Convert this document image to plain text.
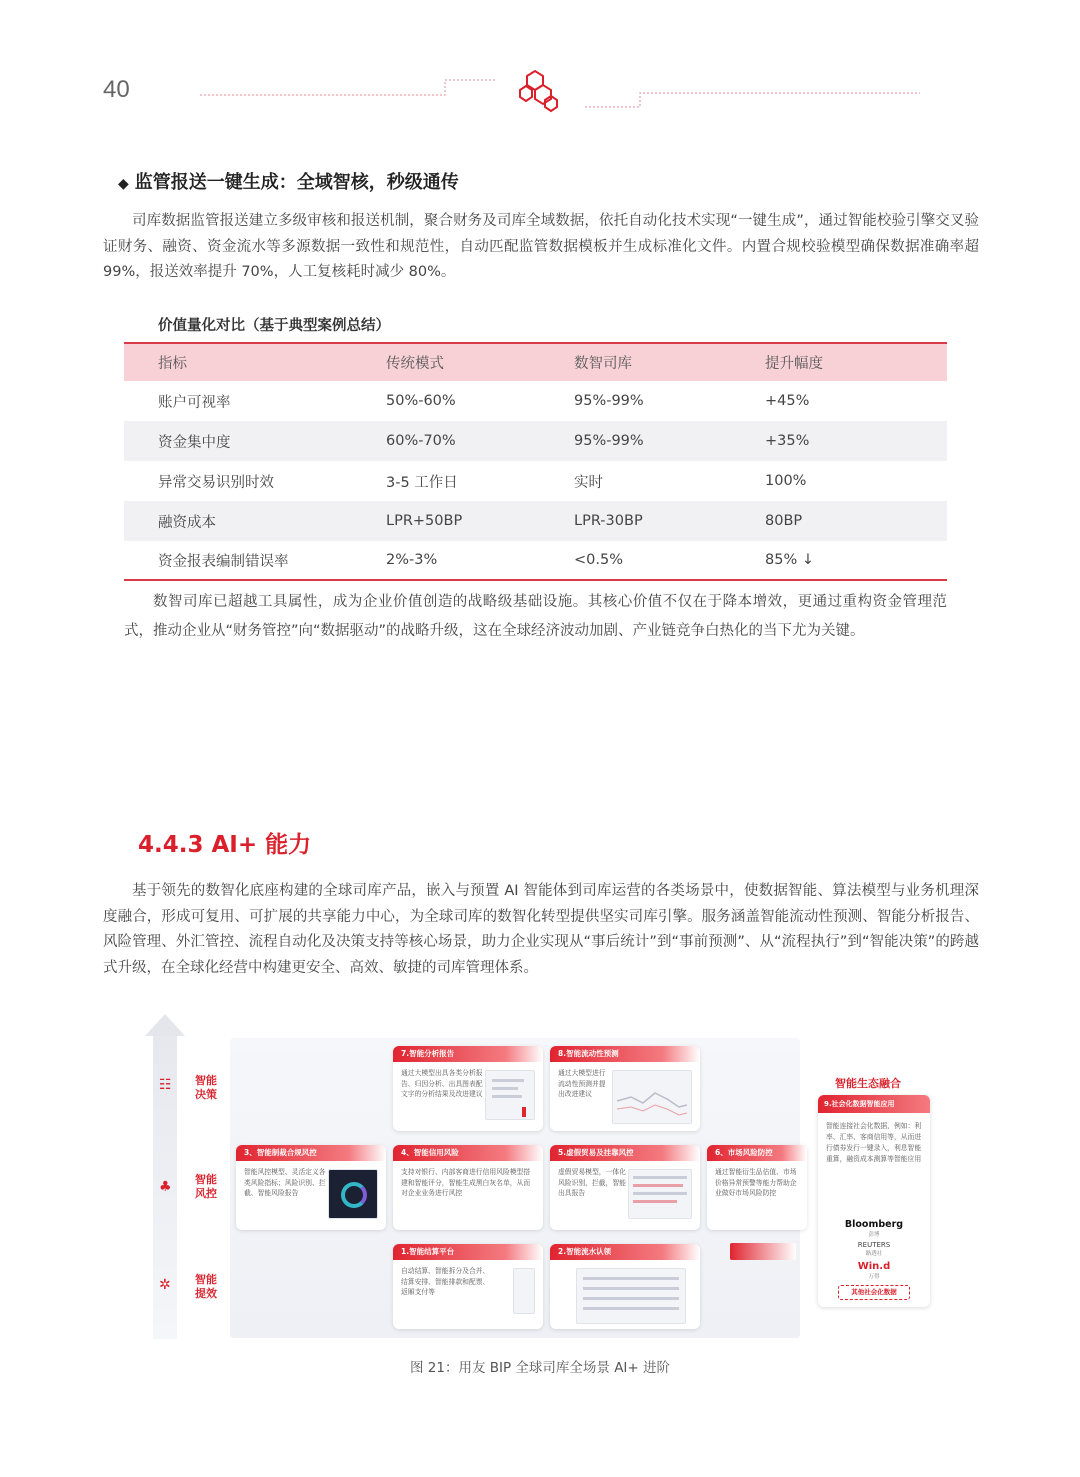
40
◆ 监管报送一键生成：全域智核，秒级通传

司库数据监管报送建立多级审核和报送机制，聚合财务及司库全域数据，依托自动化技术实现“一键生成”，通过智能校验引擎交叉验证财务、融资、资金流水等多源数据一致性和规范性，自动匹配监管数据模板并生成标准化文件。内置合规校验模型确保数据准确率超 99%，报送效率提升 70%，人工复核耗时减少 80%。

价值量化对比（基于典型案例总结）
指标	传统模式	数智司库	提升幅度
账户可视率	50%-60%	95%-99%	+45%
资金集中度	60%-70%	95%-99%	+35%
异常交易识别时效	3-5 工作日	实时	100%
融资成本	LPR+50BP	LPR-30BP	80BP
资金报表编制错误率	2%-3%	<0.5%	85% ↓

数智司库已超越工具属性，成为企业价值创造的战略级基础设施。其核心价值不仅在于降本增效，更通过重构资金管理范式，推动企业从“财务管控”向“数据驱动”的战略升级，这在全球经济波动加剧、产业链竞争白热化的当下尤为关键。

4.4.3 AI+ 能力

基于领先的数智化底座构建的全球司库产品，嵌入与预置 AI 智能体到司库运营的各类场景中，使数据智能、算法模型与业务机理深度融合，形成可复用、可扩展的共享能力中心，为全球司库的数智化转型提供坚实司库引擎。服务涵盖智能流动性预测、智能分析报告、风险管理、外汇管控、流程自动化及决策支持等核心场景，助力企业实现从“事后统计”到“事前预测”、从“流程执行”到“智能决策”的跨越式升级，在全球化经营中构建更安全、高效、敏捷的司库管理体系。

☷ 智能决策
♣ 智能风控
✲ 智能提效
7.智能分析报告
通过大模型出具各类分析报告、归因分析、出具图表配文字的分析结果及改进建议
8.智能流动性预测
通过大模型进行流动性预测并提出改进建议
3、智能制裁合规风控
智能风控模型、灵活定义各类风险指标；风险识别、拦截、智能风险报告
4、智能信用风险
支持对银行、内部客商进行信用风险模型搭建和智能评分，智能生成黑白灰名单，从而对企业业务进行风控
5.虚假贸易及挂靠风控
虚假贸易模型，一体化风险识别，拦截，智能出具报告
6、市场风险防控
通过智能衍生品估值、市场价格异常预警等能力帮助企业做好市场风险防控
1.智能结算平台
自动结算、智能拆分及合并、结算安排、智能排款和配票、返厢支付等
2.智能流水认领
智能生态融合
9.社会化数据智能应用
智能连接社会化数据，例如：利率、汇率、客商信用等，从而进行债券发行一键录入，利息智能重算，融资成本测算等智能应用
Bloomberg
彭博
REUTERS
路透社
Win.d
万得
其他社会化数据
图 21：用友 BIP 全球司库全场景 AI+ 进阶
